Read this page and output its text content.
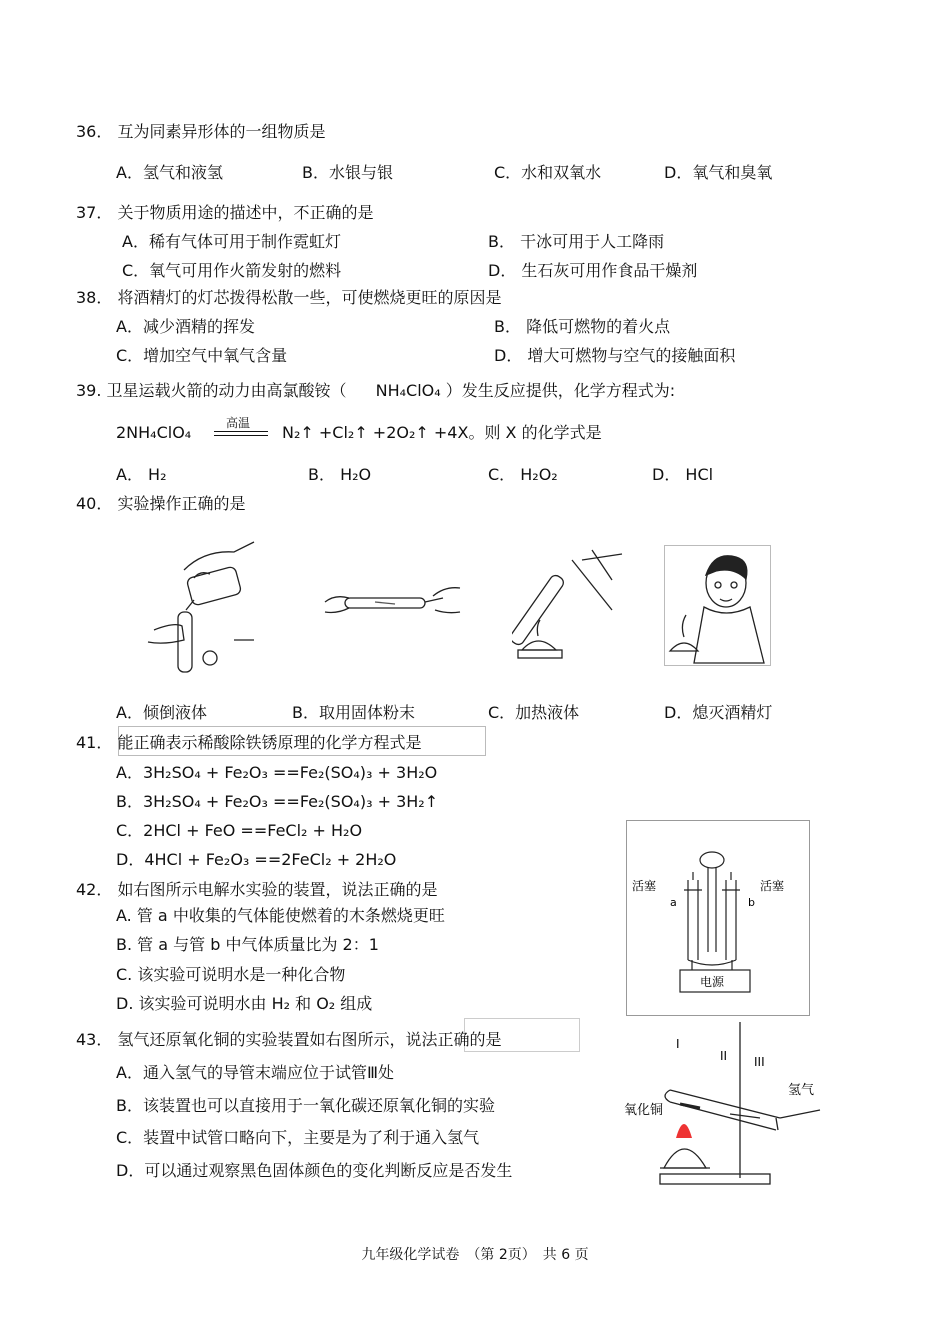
36． 互为同素异形体的一组物质是
A．氢气和液氢	B．水银与银	C．水和双氧水	D．氧气和臭氧
37． 关于物质用途的描述中，不正确的是
A．稀有气体可用于制作霓虹灯	B． 干冰可用于人工降雨
C．氧气可用作火箭发射的燃料	D． 生石灰可用作食品干燥剂
38． 将酒精灯的灯芯拨得松散一些，可使燃烧更旺的原因是
A．减少酒精的挥发	B． 降低可燃物的着火点
C．增加空气中氧气含量	D． 增大可燃物与空气的接触面积
39. 卫星运载火箭的动力由高氯酸铵（ NH₄ClO₄ ）发生反应提供，化学方程式为:
2NH₄ClO₄	高温 N₂↑ +Cl₂↑ +2O₂↑ +4X。则 X 的化学式是
A． H₂	B． H₂O	C． H₂O₂	D． HCl
40． 实验操作正确的是
A．倾倒液体	B．取用固体粉末	C．加热液体	D．熄灭酒精灯
41． 能正确表示稀酸除铁锈原理的化学方程式是
A．3H₂SO₄ + Fe₂O₃ ==Fe₂(SO₄)₃ + 3H₂O
B．3H₂SO₄ + Fe₂O₃ ==Fe₂(SO₄)₃ + 3H₂↑
C．2HCl + FeO ==FeCl₂ + H₂O
D．4HCl + Fe₂O₃ ==2FeCl₂ + 2H₂O
42． 如右图所示电解水实验的装置，说法正确的是
A. 管 a 中收集的气体能使燃着的木条燃烧更旺
B. 管 a 与管 b 中气体质量比为 2：1
C. 该实验可说明水是一种化合物
D. 该实验可说明水由 H₂ 和 O₂ 组成
活塞	活塞
a	b
电源
43． 氢气还原氧化铜的实验装置如右图所示，说法正确的是
A．通入氢气的导管末端应位于试管Ⅲ处
B．该装置也可以直接用于一氧化碳还原氧化铜的实验
C．装置中试管口略向下，主要是为了利于通入氢气
D．可以通过观察黑色固体颜色的变化判断反应是否发生
I
II III
氢气
氧化铜
九年级化学试卷　（第 2页）　共 6 页
